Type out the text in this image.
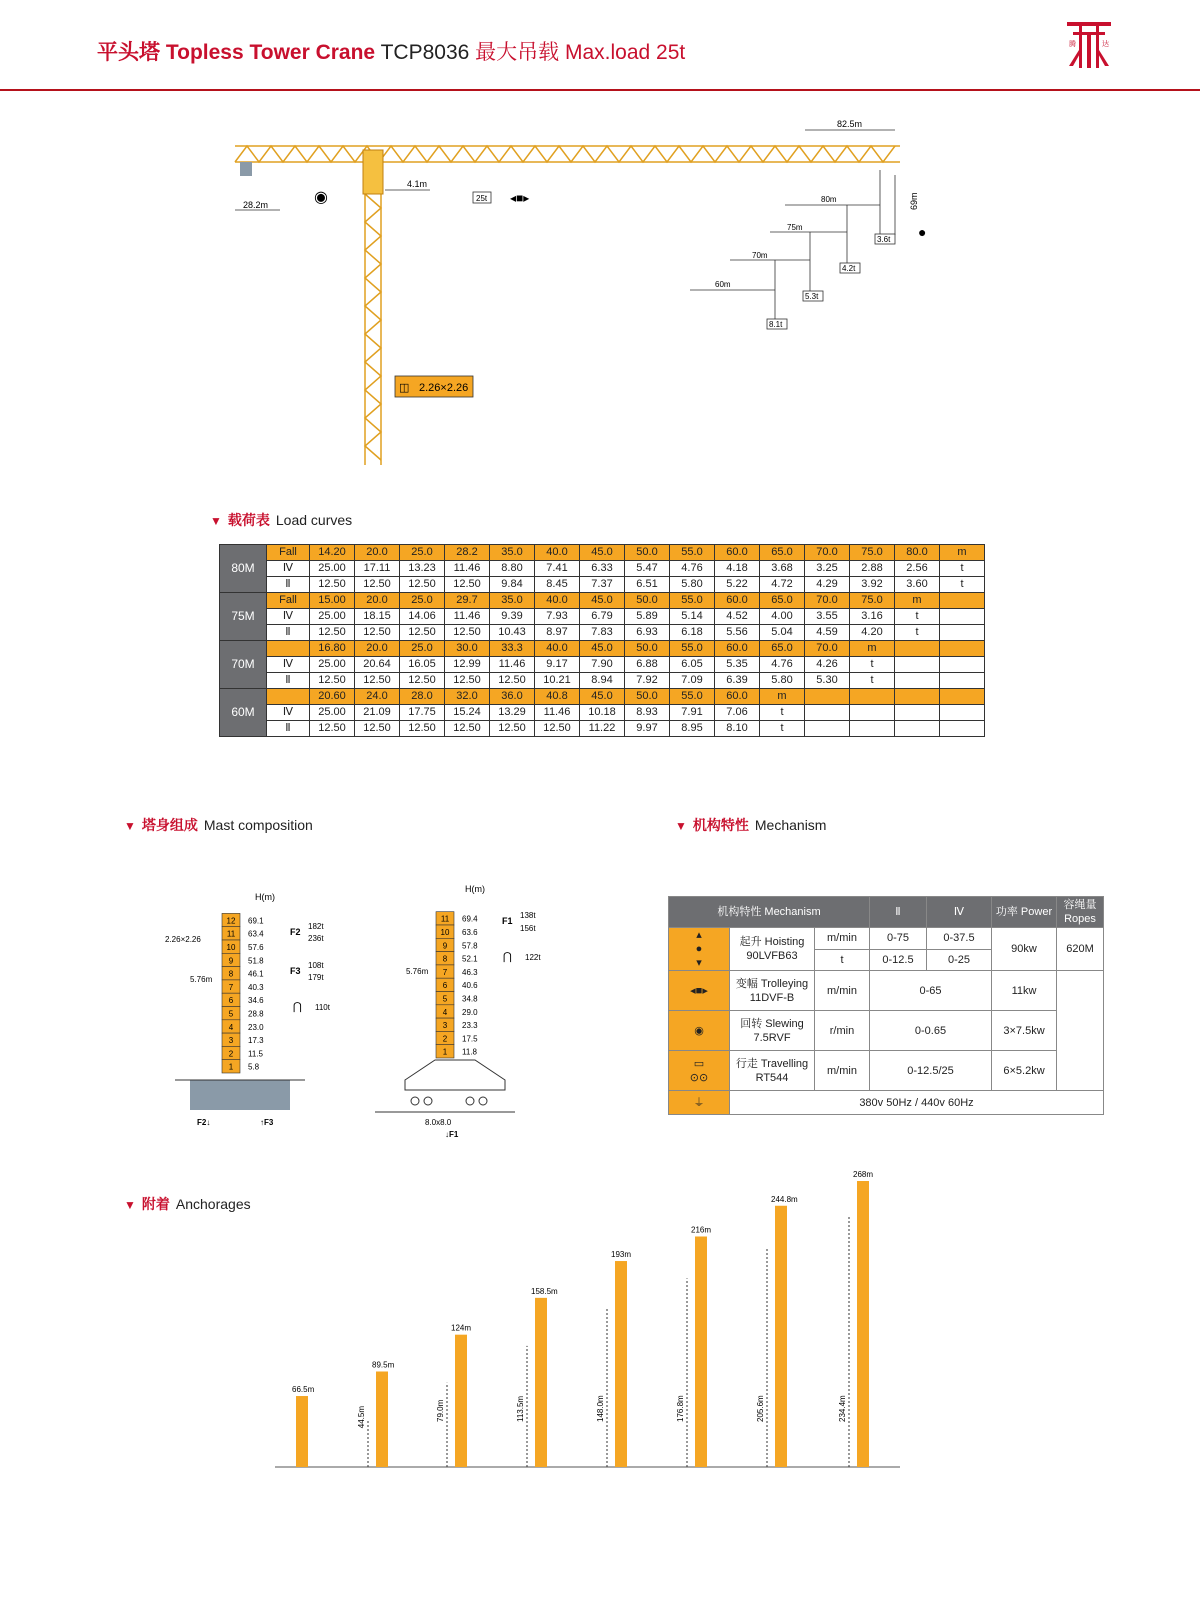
平头塔 Topless Tower Crane TCP8036 最大吊载 Max.load 25t	腾	达
82.5m
28.2m
4.1m
69m
25t ◂■▸
◉
●
80m
75m
70m
60m
3.6t
4.2t
5.3t
8.1t
2.26×2.26
◫
▼ 载荷表 Load curves
80M	Fall	14.20	20.0	25.0	28.2	35.0	40.0	45.0	50.0	55.0	60.0	65.0	70.0	75.0	80.0	m
	Ⅳ	25.00	17.11	13.23	11.46	8.80	7.41	6.33	5.47	4.76	4.18	3.68	3.25	2.88	2.56	t
	Ⅱ	12.50	12.50	12.50	12.50	9.84	8.45	7.37	6.51	5.80	5.22	4.72	4.29	3.92	3.60	t
75M	Fall	15.00	20.0	25.0	29.7	35.0	40.0	45.0	50.0	55.0	60.0	65.0	70.0	75.0	m	
	Ⅳ	25.00	18.15	14.06	11.46	9.39	7.93	6.79	5.89	5.14	4.52	4.00	3.55	3.16	t	
	Ⅱ	12.50	12.50	12.50	12.50	10.43	8.97	7.83	6.93	6.18	5.56	5.04	4.59	4.20	t	
70M		16.80	20.0	25.0	30.0	33.3	40.0	45.0	50.0	55.0	60.0	65.0	70.0	m		
	Ⅳ	25.00	20.64	16.05	12.99	11.46	9.17	7.90	6.88	6.05	5.35	4.76	4.26	t		
	Ⅱ	12.50	12.50	12.50	12.50	12.50	10.21	8.94	7.92	7.09	6.39	5.80	5.30	t		
60M		20.60	24.0	28.0	32.0	36.0	40.8	45.0	50.0	55.0	60.0	m				
	Ⅳ	25.00	21.09	17.75	15.24	13.29	11.46	10.18	8.93	7.91	7.06	t				
	Ⅱ	12.50	12.50	12.50	12.50	12.50	12.50	11.22	9.97	8.95	8.10	t				
▼ 塔身组成 Mast composition
H(m)
H(m)
12 69.1
11 63.4
10 57.6
9 51.8
8 46.1
7 40.3
6 34.6
5 28.8
4 23.0
3 17.3
2 11.5
1 5.8
11 69.4
10 63.6
9 57.8
8 52.1
7 46.3
6 40.6
5 34.8
4 29.0
3 23.3
2 17.5
1 11.8
2.26×2.26
5.76m
5.76m
F2
182t
236t
F3
108t
179t
110t
⋂
F1
138t
156t
122t
⋂
8.0x8.0
↓F1
F2↓	↑F3
▼ 机构特性 Mechanism
机构特性 Mechanism			Ⅱ	Ⅳ	功率 Power	容绳量 Ropes
▴
●
▾	起升 Hoisting
90LVFB63	m/min	0-75	0-37.5	90kw	620M
		t	0-12.5	0-25		
◂■▸	变幅 Trolleying
11DVF-B	m/min	0-65		11kw	
◉	回转 Slewing
7.5RVF	r/min	0-0.65		3×7.5kw	
▭
⊙⊙	行走 Travelling
RT544	m/min	0-12.5/25		6×5.2kw	
⏚	380v 50Hz / 440v 60Hz					
▼ 附着 Anchorages
66.5m
89.5m
44.5m
124m
79.0m
158.5m
113.5m
193m
148.0m
216m
176.8m
244.8m
205.6m
268m
234.4m
